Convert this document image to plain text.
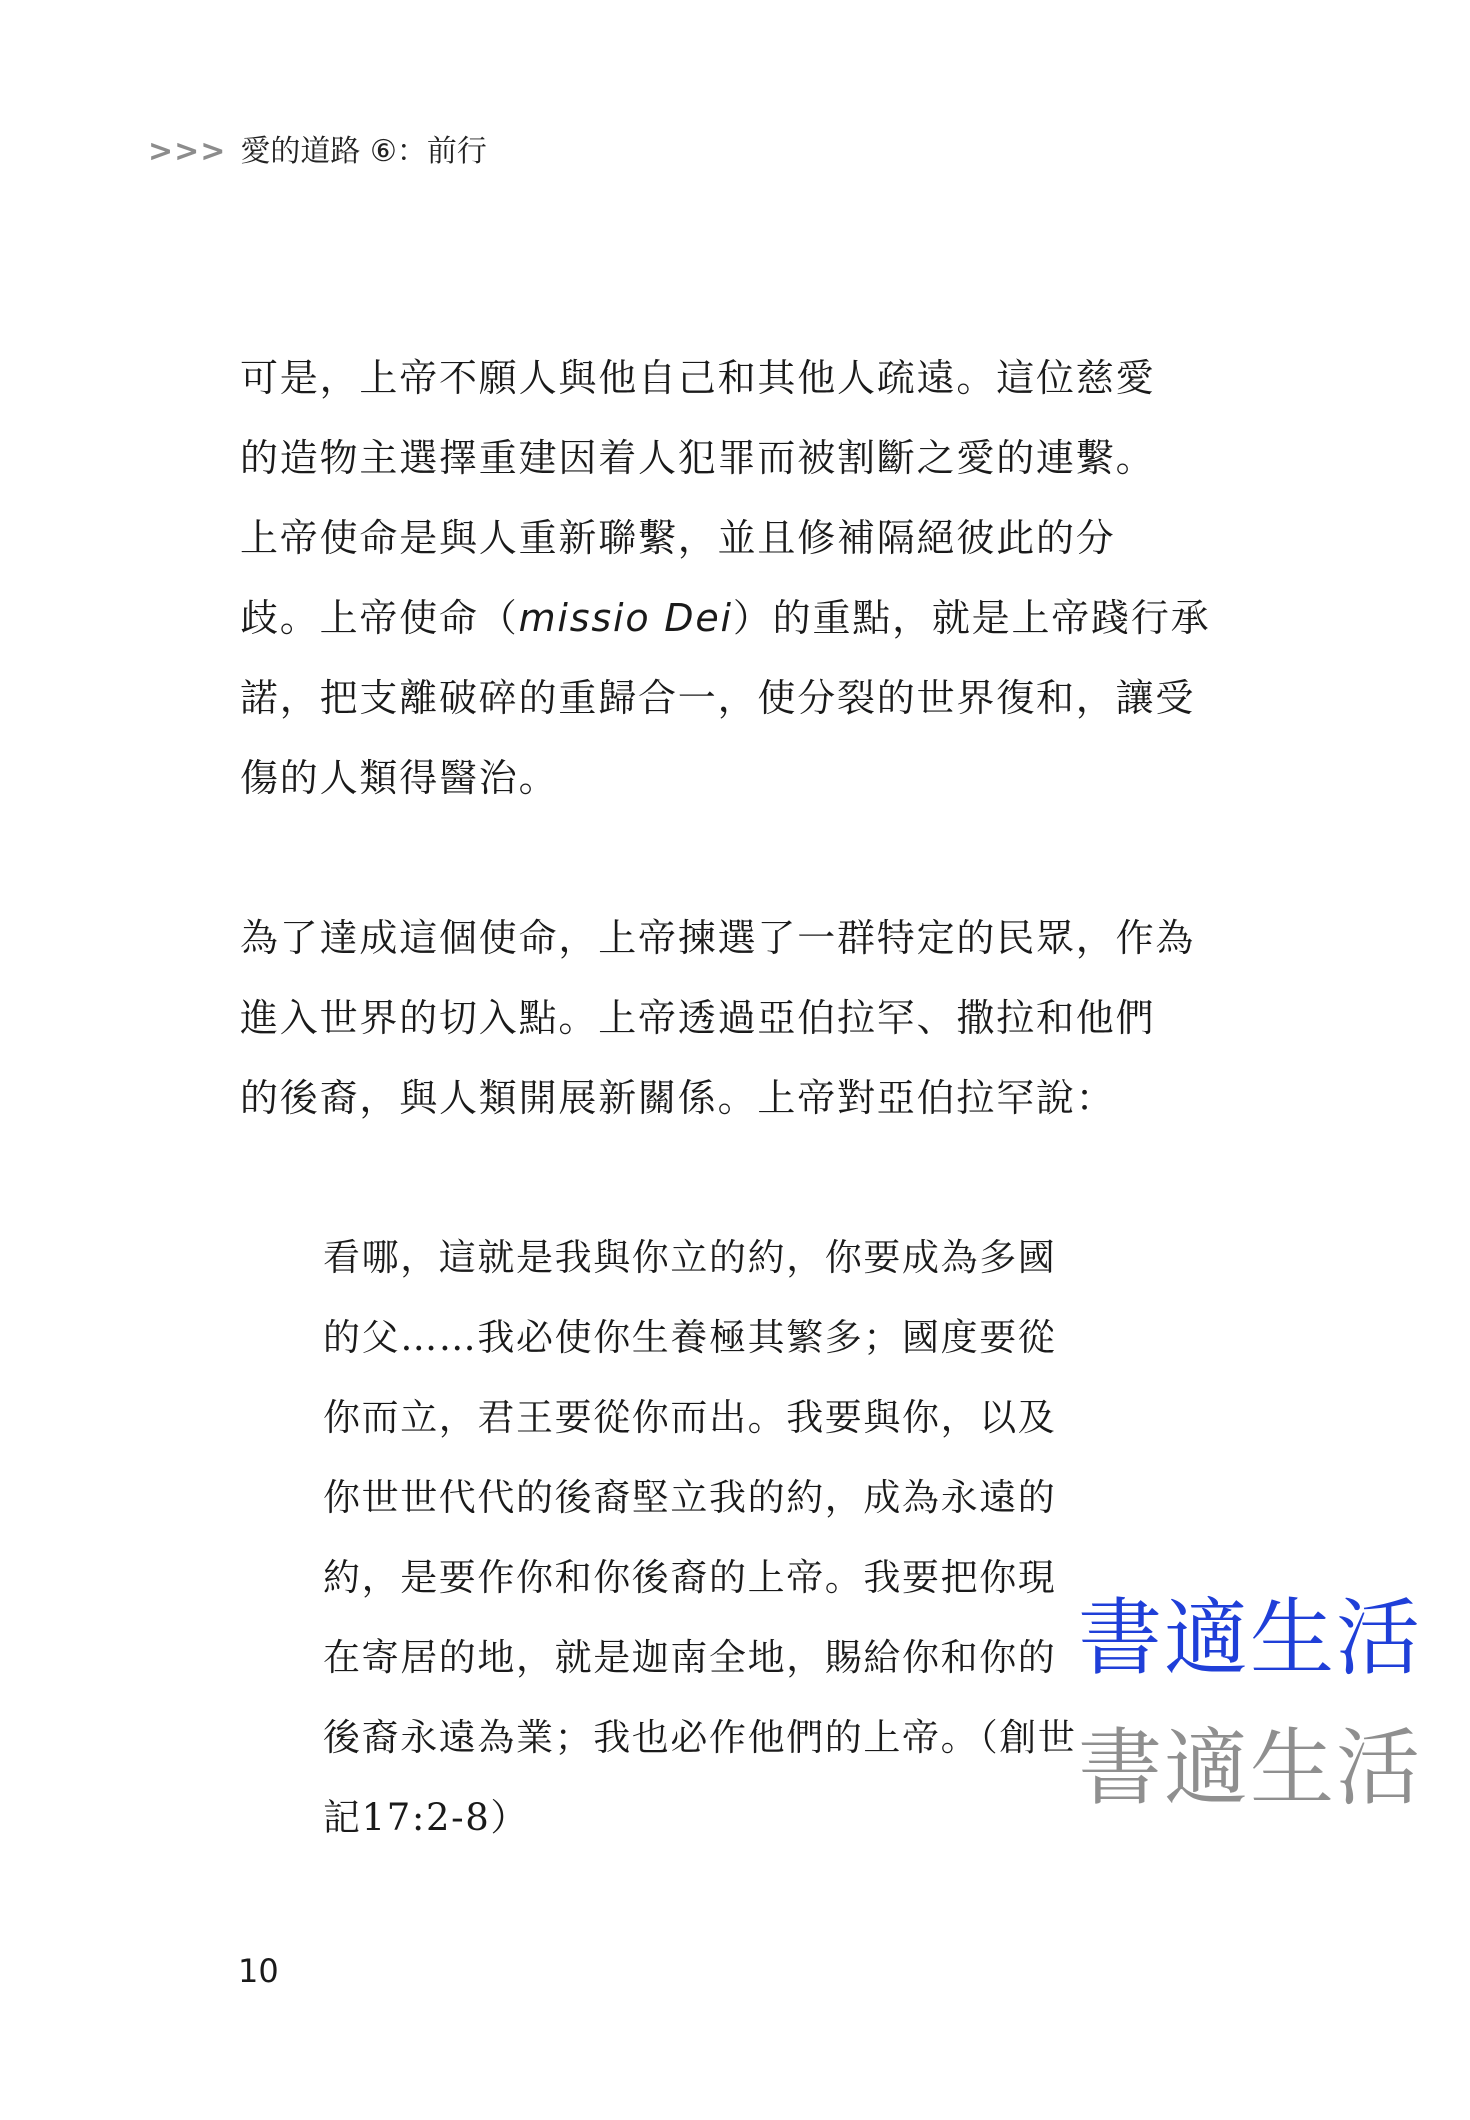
>>> 愛的道路 ⑥：前行
可是，上帝不願人與他自己和其他人疏遠。這位慈愛
的造物主選擇重建因着人犯罪而被割斷之愛的連繫。
上帝使命是與人重新聯繫，並且修補隔絕彼此的分
歧。上帝使命（missio Dei）的重點，就是上帝踐行承
諾，把支離破碎的重歸合一，使分裂的世界復和，讓受
傷的人類得醫治。
為了達成這個使命，上帝揀選了一群特定的民眾，作為
進入世界的切入點。上帝透過亞伯拉罕、撒拉和他們
的後裔，與人類開展新關係。上帝對亞伯拉罕說：
看哪，這就是我與你立的約，你要成為多國
的父……我必使你生養極其繁多；國度要從
你而立，君王要從你而出。我要與你，以及
你世世代代的後裔堅立我的約，成為永遠的
約，是要作你和你後裔的上帝。我要把你現
在寄居的地，就是迦南全地，賜給你和你的
後裔永遠為業；我也必作他們的上帝。（創世
記17:2-8）
10
書適生活
書適生活
